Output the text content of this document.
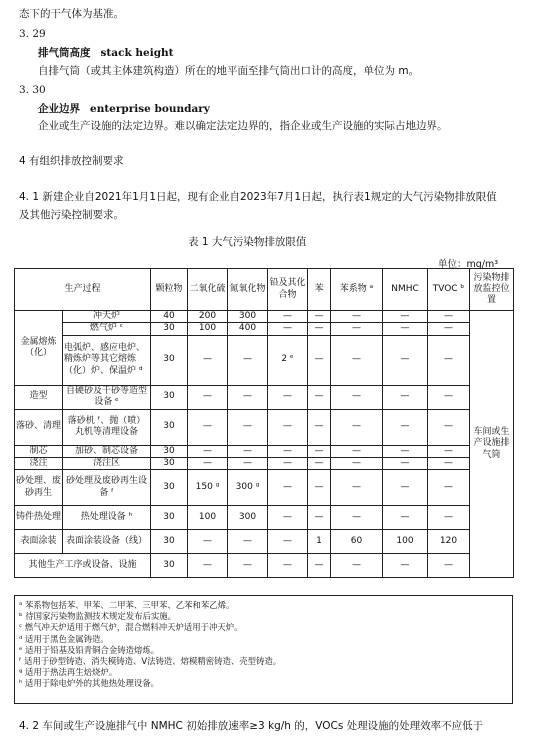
态下的干气体为基准。
3. 29
排气筒高度 stack height
自排气筒（或其主体建筑构造）所在的地平面至排气筒出口计的高度，单位为 m。
3. 30
企业边界 enterprise boundary
企业或生产设施的法定边界。难以确定法定边界的，指企业或生产设施的实际占地边界。
4 有组织排放控制要求
4. 1 新建企业自2021年1月1日起，现有企业自2023年7月1日起，执行表1规定的大气污染物排放限值
及其他污染控制要求。
表 1 大气污染物排放限值
单位：mg/m³
生产过程		颗粒物	二氧化硫	氮氧化物	铅及其化合物	苯	苯系物 ᵃ	NMHC	TVOC ᵇ	污染物排放监控位置
金属熔炼（化）	冲天炉	40	200	300	—	—	—	—	—	车间或生产设施排气筒
	燃气炉 ᶜ	30	100	400	—	—	—	—	—	
	电弧炉、感应电炉、精炼炉等其它熔炼（化）炉、保温炉 ᵈ	30	—	—	2 ᵉ	—	—	—	—	
造型	自硬砂及干砂等造型设备 ᵉ	30	—	—	—	—	—	—	—	
落砂、清理	落砂机 ᶠ、抛（喷）丸机等清理设备	30	—	—	—	—	—	—	—	
制芯	加砂、制芯设备	30	—	—	—	—	—	—	—	
浇注	浇注区	30	—	—	—	—	—	—	—	
砂处理、废砂再生	砂处理及废砂再生设备 ᶠ	30	150 ᵍ	300 ᵍ	—	—	—	—	—	
铸件热处理	热处理设备 ʰ	30	100	300	—	—	—	—	—	
表面涂装	表面涂装设备（线）	30	—	—	—	1	60	100	120	
其他生产工序或设备、设施		30	—	—	—	—	—	—	—	
ᵃ 苯系物包括苯、甲苯、二甲苯、三甲苯、乙苯和苯乙烯。
ᵇ 待国家污染物监测技术规定发布后实施。
ᶜ 燃气冲天炉适用于燃气炉，混合燃料冲天炉适用于冲天炉。
ᵈ 适用于黑色金属铸造。
ᵉ 适用于铅基及铅青铜合金铸造熔炼。
ᶠ 适用于砂型铸造、消失模铸造、V法铸造、熔模精密铸造、壳型铸造。
ᵍ 适用于热法再生焙烧炉。
ʰ 适用于除电炉外的其他热处理设备。
4. 2 车间或生产设施排气中 NMHC 初始排放速率≥3 kg/h 的，VOCs 处理设施的处理效率不应低于
